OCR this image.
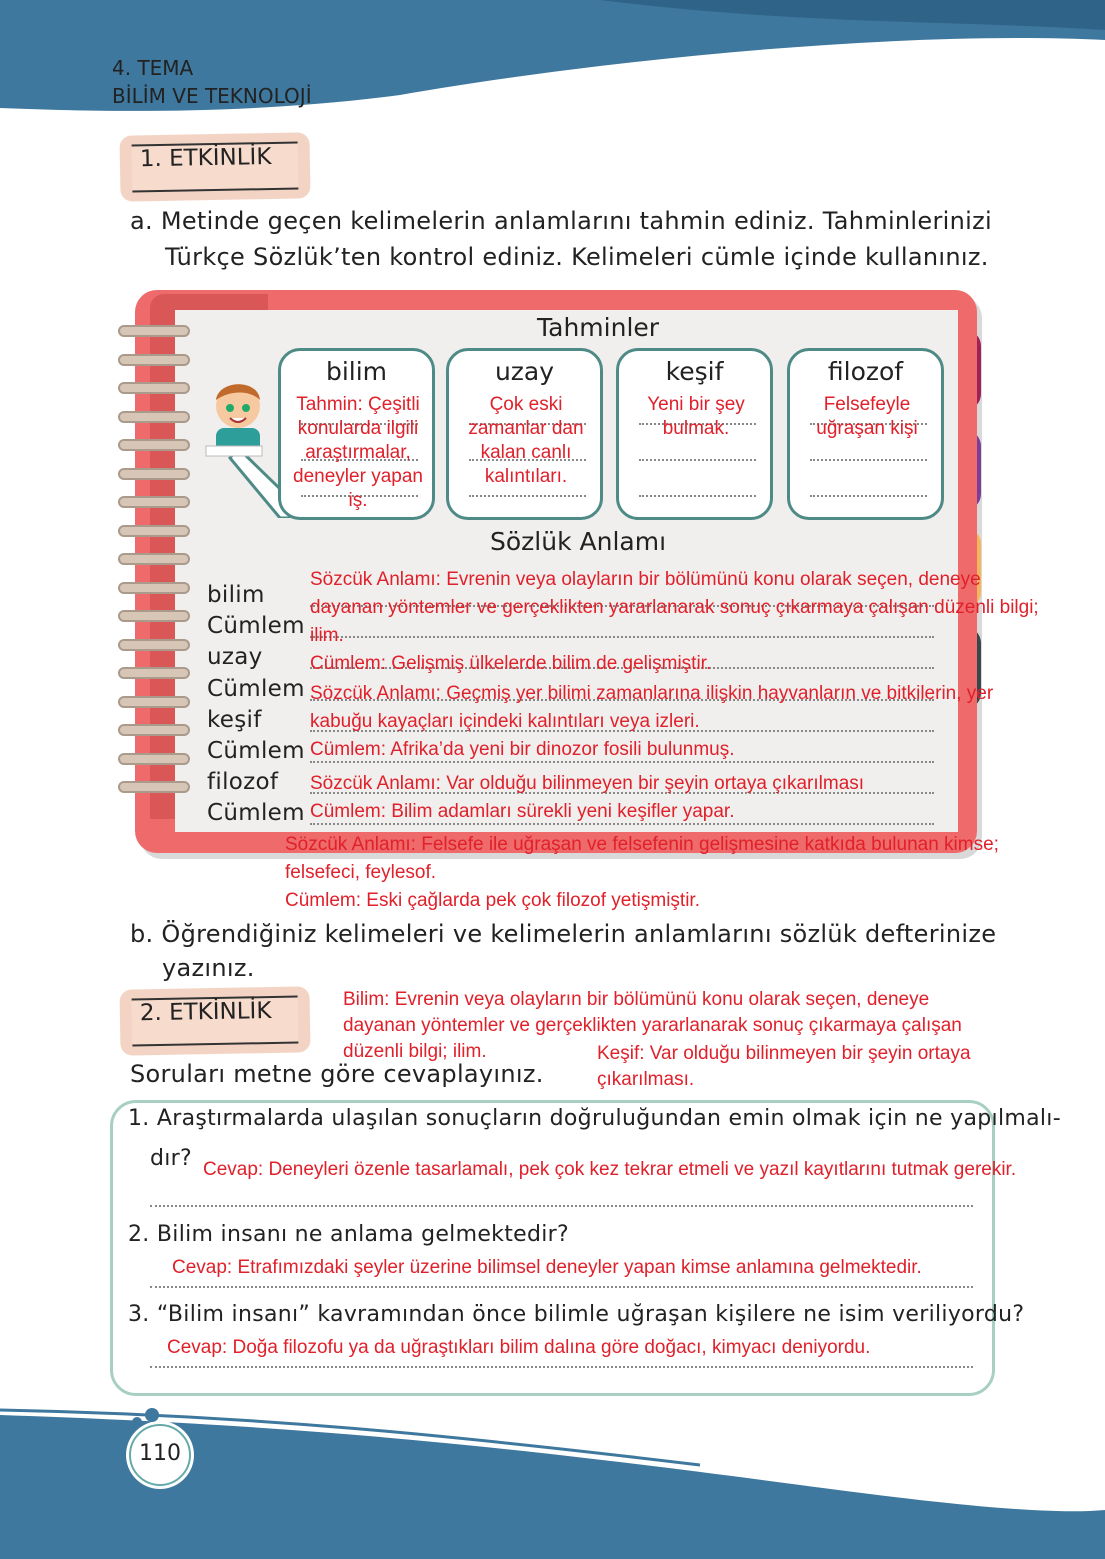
4. TEMA
BİLİM VE TEKNOLOJİ
1. ETKİNLİK
a. Metinde geçen kelimelerin anlamlarını tahmin ediniz. Tahminlerinizi
Türkçe Sözlük’ten kontrol ediniz. Kelimeleri cümle içinde kullanınız.
Tahminler
bilim
Tahmin: Çeşitli konularda ilgili araştırmalar, deneyler yapan iş.
uzay
Çok eski zamanlar dan kalan canlı kalıntıları.
keşif
Yeni bir şey bulmak.
filozof
Felsefeyle uğraşan kişi
Sözlük Anlamı
bilim
Cümlem
uzay
Cümlem
keşif
Cümlem
filozof
Cümlem
Sözcük Anlamı: Evrenin veya olayların bir bölümünü konu olarak seçen, deneye
dayanan yöntemler ve gerçeklikten yararlanarak sonuç çıkarmaya çalışan düzenli bilgi;
ilim.
Cümlem: Gelişmiş ülkelerde bilim de gelişmiştir.
Sözcük Anlamı: Geçmiş yer bilimi zamanlarına ilişkin hayvanların ve bitkilerin, yer
kabuğu kayaçları içindeki kalıntıları veya izleri.
Cümlem: Afrika’da yeni bir dinozor fosili bulunmuş.
Sözcük Anlamı: Var olduğu bilinmeyen bir şeyin ortaya çıkarılması
Cümlem: Bilim adamları sürekli yeni keşifler yapar.
Sözcük Anlamı: Felsefe ile uğraşan ve felsefenin gelişmesine katkıda bulunan kimse;
felsefeci, feylesof.
Cümlem: Eski çağlarda pek çok filozof yetişmiştir.
b. Öğrendiğiniz kelimeleri ve kelimelerin anlamlarını sözlük defterinize
yazınız.
Bilim: Evrenin veya olayların bir bölümünü konu olarak seçen, deneye
dayanan yöntemler ve gerçeklikten yararlanarak sonuç çıkarmaya çalışan
düzenli bilgi; ilim.	Keşif: Var olduğu bilinmeyen bir şeyin ortaya
çıkarılması.
2. ETKİNLİK
Soruları metne göre cevaplayınız.
1. Araştırmalarda ulaşılan sonuçların doğruluğundan emin olmak için ne yapılmalı-
dır? Cevap: Deneyleri özenle tasarlamalı, pek çok kez tekrar etmeli ve yazıl kayıtlarını tutmak gerekir.
2. Bilim insanı ne anlama gelmektedir?
Cevap: Etrafımızdaki şeyler üzerine bilimsel deneyler yapan kimse anlamına gelmektedir.
3. “Bilim insanı” kavramından önce bilimle uğraşan kişilere ne isim veriliyordu?
Cevap: Doğa filozofu ya da uğraştıkları bilim dalına göre doğacı, kimyacı deniyordu.
110
